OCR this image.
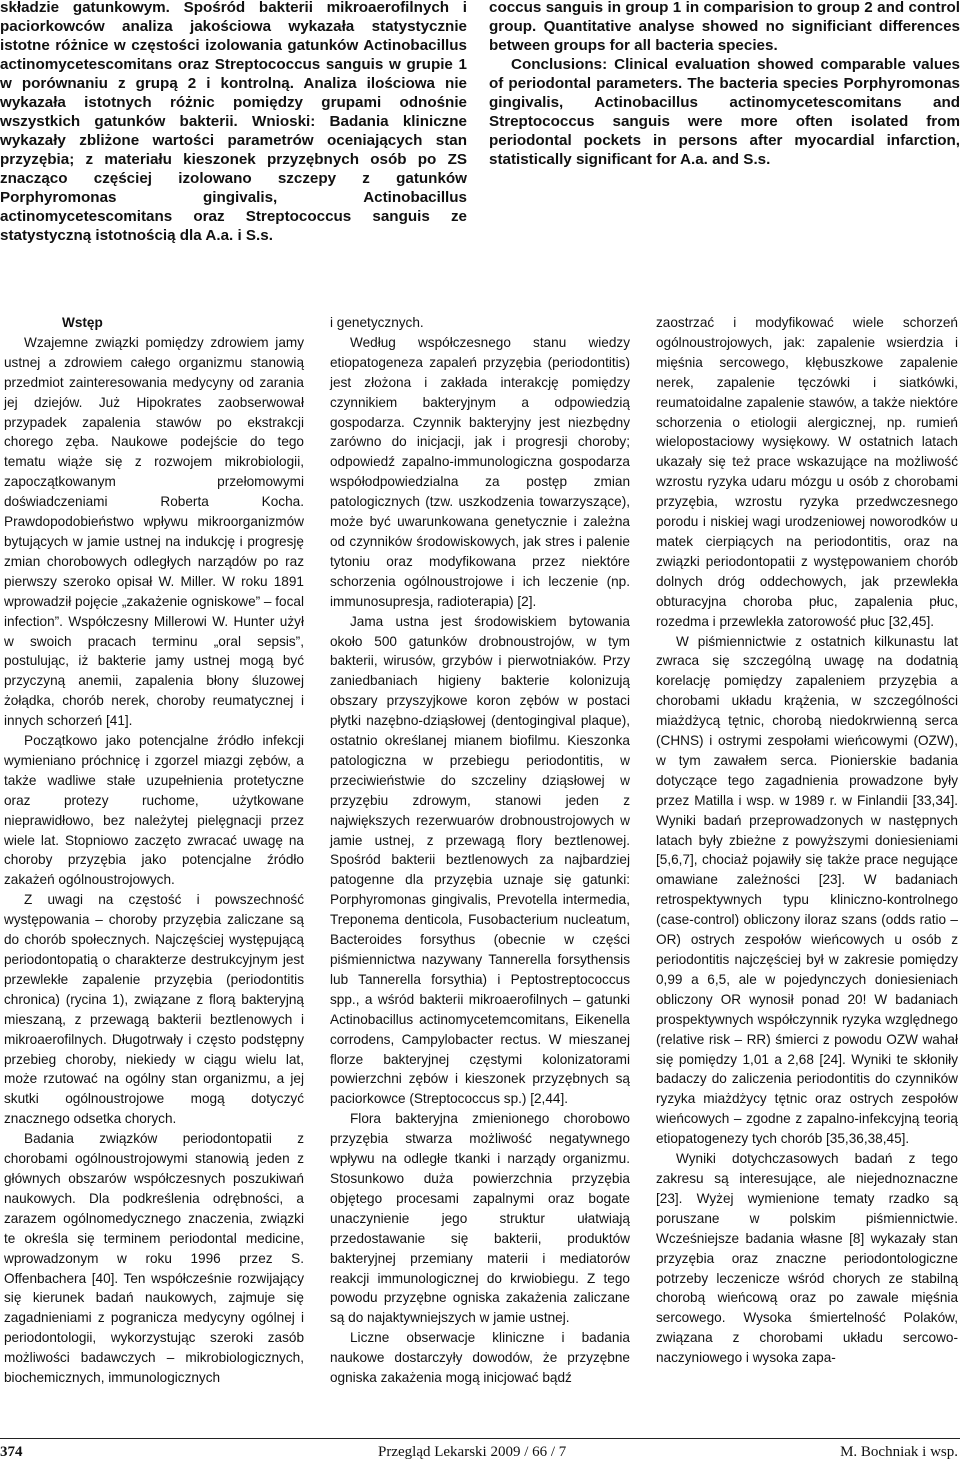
składzie gatunkowym. Spośród bakterii mikroaerofilnych i paciorkowców analiza jakościowa wykazała statystycznie istotne różnice w częstości izolowania gatunków Actinobacillus actinomycetescomitans oraz Streptococcus sanguis w grupie 1 w porównaniu z grupą 2 i kontrolną. Analiza ilościowa nie wykazała istotnych różnic pomiędzy grupami odnośnie wszystkich gatunków bakterii. Wnioski: Badania kliniczne wykazały zbliżone wartości parametrów oceniających stan przyzębia; z materiału kieszonek przyzębnych osób po ZS znacząco częściej izolowano szczepy z gatunków Porphyromonas gingivalis, Actinobacillus actinomycetescomitans oraz Streptococcus sanguis ze statystyczną istotnością dla A.a. i S.s.

coccus sanguis in group 1 in comparision to group 2 and control group. Quantitative analyse showed no significiant differences between groups for all bacteria species.

Conclusions: Clinical evaluation showed comparable values of periodontal parameters. The bacteria species Porphyromonas gingivalis, Actinobacillus actinomycetescomitans and Streptococcus sanguis were more often isolated from periodontal pockets in persons after myocardial infarction, statistically significant for A.a. and S.s.

Wstęp

Wzajemne związki pomiędzy zdrowiem jamy ustnej a zdrowiem całego organizmu stanowią przedmiot zainteresowania medycyny od zarania jej dziejów. Już Hipokrates zaobserwował przypadek zapalenia stawów po ekstrakcji chorego zęba. Naukowe podejście do tego tematu wiąże się z rozwojem mikrobiologii, zapoczątkowanym przełomowymi doświadczeniami Roberta Kocha. Prawdopodobieństwo wpływu mikroorganizmów bytujących w jamie ustnej na indukcję i progresję zmian chorobowych odległych narządów po raz pierwszy szeroko opisał W. Miller. W roku 1891 wprowadził pojęcie „zakażenie ogniskowe” – focal infection”. Współczesny Millerowi W. Hunter użył w swoich pracach terminu „oral sepsis”, postulując, iż bakterie jamy ustnej mogą być przyczyną anemii, zapalenia błony śluzowej żołądka, chorób nerek, choroby reumatycznej i innych schorzeń [41].

Początkowo jako potencjalne źródło infekcji wymieniano próchnicę i zgorzel miazgi zębów, a także wadliwe stałe uzupełnienia protetyczne oraz protezy ruchome, użytkowane nieprawidłowo, bez należytej pielęgnacji przez wiele lat. Stopniowo zaczęto zwracać uwagę na choroby przyzębia jako potencjalne źródło zakażeń ogólnoustrojowych.

Z uwagi na częstość i powszechność występowania – choroby przyzębia zaliczane są do chorób społecznych. Najczęściej występującą periodontopatią o charakterze destrukcyjnym jest przewlekłe zapalenie przyzębia (periodontitis chronica) (rycina 1), związane z florą bakteryjną mieszaną, z przewagą bakterii beztlenowych i mikroaerofilnych. Długotrwały i często podstępny przebieg choroby, niekiedy w ciągu wielu lat, może rzutować na ogólny stan organizmu, a jej skutki ogólnoustrojowe mogą dotyczyć znacznego odsetka chorych.

Badania związków periodontopatii z chorobami ogólnoustrojowymi stanowią jeden z głównych obszarów współczesnych poszukiwań naukowych. Dla podkreślenia odrębności, a zarazem ogólnomedycznego znaczenia, związki te określa się terminem periodontal medicine, wprowadzonym w roku 1996 przez S. Offenbachera [40]. Ten współcześnie rozwijający się kierunek badań naukowych, zajmuje się zagadnieniami z pogranicza medycyny ogólnej i periodontologii, wykorzystując szeroki zasób możliwości badawczych – mikrobiologicznych, biochemicznych, immunologicznych

i genetycznych.

Według współczesnego stanu wiedzy etiopatogeneza zapaleń przyzębia (periodontitis) jest złożona i zakłada interakcję pomiędzy czynnikiem bakteryjnym a odpowiedzią gospodarza. Czynnik bakteryjny jest niezbędny zarówno do inicjacji, jak i progresji choroby; odpowiedź zapalno-immunologiczna gospodarza współodpowiedzialna za postęp zmian patologicznych (tzw. uszkodzenia towarzyszące), może być uwarunkowana genetycznie i zależna od czynników środowiskowych, jak stres i palenie tytoniu oraz modyfikowana przez niektóre schorzenia ogólnoustrojowe i ich leczenie (np. immunosupresja, radioterapia) [2].

Jama ustna jest środowiskiem bytowania około 500 gatunków drobnoustrojów, w tym bakterii, wirusów, grzybów i pierwotniaków. Przy zaniedbaniach higieny bakterie kolonizują obszary przyszyjkowe koron zębów w postaci płytki nazębno-dziąsłowej (dentogingival plaque), ostatnio określanej mianem biofilmu. Kieszonka patologiczna w przebiegu periodontitis, w przeciwieństwie do szczeliny dziąsłowej w przyzębiu zdrowym, stanowi jeden z największych rezerwuarów drobnoustrojowych w jamie ustnej, z przewagą flory beztlenowej. Spośród bakterii beztlenowych za najbardziej patogenne dla przyzębia uznaje się gatunki: Porphyromonas gingivalis, Prevotella intermedia, Treponema denticola, Fusobacterium nucleatum, Bacteroides forsythus (obecnie w części piśmiennictwa nazywany Tannerella forsythensis lub Tannerella forsythia) i Peptostreptococcus spp., a wśród bakterii mikroaerofilnych – gatunki Actinobacillus actinomycetemcomitans, Eikenella corrodens, Campylobacter rectus. W mieszanej florze bakteryjnej częstymi kolonizatorami powierzchni zębów i kieszonek przyzębnych są paciorkowce (Streptococcus sp.) [2,44].

Flora bakteryjna zmienionego chorobowo przyzębia stwarza możliwość negatywnego wpływu na odległe tkanki i narządy organizmu. Stosunkowo duża powierzchnia przyzębia objętego procesami zapalnymi oraz bogate unaczynienie jego struktur ułatwiają przedostawanie się bakterii, produktów bakteryjnej przemiany materii i mediatorów reakcji immunologicznej do krwiobiegu. Z tego powodu przyzębne ogniska zakażenia zaliczane są do najaktywniejszych w jamie ustnej.

Liczne obserwacje kliniczne i badania naukowe dostarczyły dowodów, że przyzębne ogniska zakażenia mogą inicjować bądź

zaostrzać i modyfikować wiele schorzeń ogólnoustrojowych, jak: zapalenie wsierdzia i mięśnia sercowego, kłębuszkowe zapalenie nerek, zapalenie tęczówki i siatkówki, reumatoidalne zapalenie stawów, a także niektóre schorzenia o etiologii alergicznej, np. rumień wielopostaciowy wysiękowy. W ostatnich latach ukazały się też prace wskazujące na możliwość wzrostu ryzyka udaru mózgu u osób z chorobami przyzębia, wzrostu ryzyka przedwczesnego porodu i niskiej wagi urodzeniowej noworodków u matek cierpiących na periodontitis, oraz na związki periodontopatii z występowaniem chorób dolnych dróg oddechowych, jak przewlekła obturacyjna choroba płuc, zapalenia płuc, rozedma i przewlekła zatorowość płuc [32,45].

W piśmiennictwie z ostatnich kilkunastu lat zwraca się szczególną uwagę na dodatnią korelację pomiędzy zapaleniem przyzębia a chorobami układu krążenia, w szczególności miażdżycą tętnic, chorobą niedokrwienną serca (CHNS) i ostrymi zespołami wieńcowymi (OZW), w tym zawałem serca. Pionierskie badania dotyczące tego zagadnienia prowadzone były przez Matilla i wsp. w 1989 r. w Finlandii [33,34]. Wyniki badań przeprowadzonych w następnych latach były zbieżne z powyższymi doniesieniami [5,6,7], chociaż pojawiły się także prace negujące omawiane zależności [23]. W badaniach retrospektywnych typu kliniczno-kontrolnego (case-control) obliczony iloraz szans (odds ratio – OR) ostrych zespołów wieńcowych u osób z periodontitis najczęściej był w zakresie pomiędzy 0,99 a 6,5, ale w pojedynczych doniesieniach obliczony OR wynosił ponad 20! W badaniach prospektywnych współczynnik ryzyka względnego (relative risk – RR) śmierci z powodu OZW wahał się pomiędzy 1,01 a 2,68 [24]. Wyniki te skłoniły badaczy do zaliczenia periodontitis do czynników ryzyka miażdżycy tętnic oraz ostrych zespołów wieńcowych – zgodne z zapalno-infekcyjną teorią etiopatogenezy tych chorób [35,36,38,45].

Wyniki dotychczasowych badań z tego zakresu są interesujące, ale niejednoznaczne [23]. Wyżej wymienione tematy rzadko są poruszane w polskim piśmiennictwie. Wcześniejsze badania własne [8] wykazały stan przyzębia oraz znaczne periodontologiczne potrzeby leczenicze wśród chorych ze stabilną chorobą wieńcową oraz po zawale mięśnia sercowego. Wysoka śmiertelność Polaków, związana z chorobami układu sercowo-naczyniowego i wysoka zapa-

374	Przegląd Lekarski 2009 / 66 / 7	M. Bochniak i wsp.
